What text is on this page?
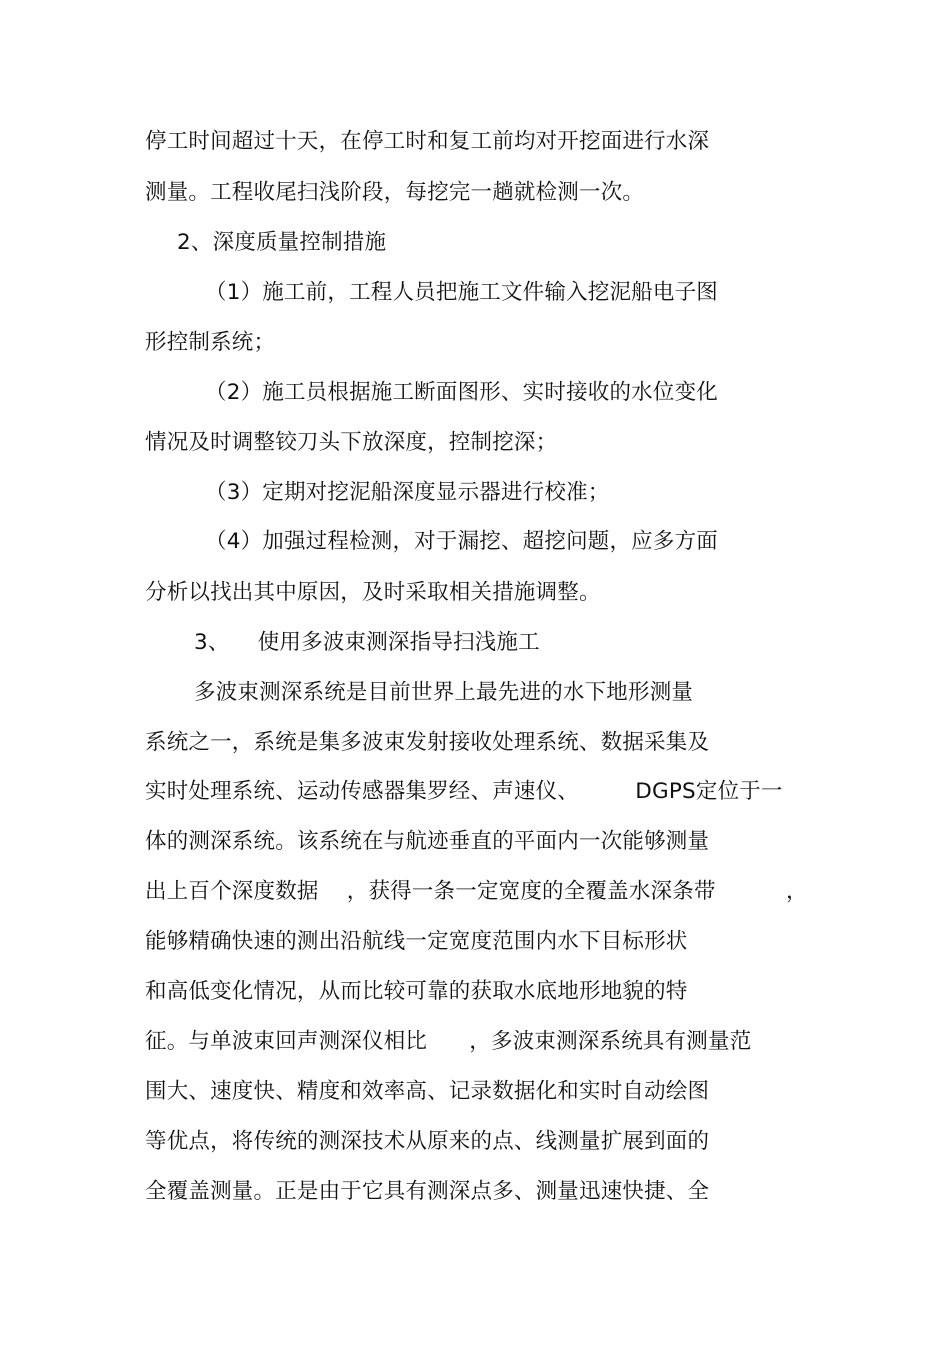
停工时间超过十天，在停工时和复工前均对开挖面进行水深
测量。工程收尾扫浅阶段，每挖完一趟就检测一次。
2、深度质量控制措施
（1）施工前，工程人员把施工文件输入挖泥船电子图
形控制系统；
（2）施工员根据施工断面图形、实时接收的水位变化
情况及时调整铰刀头下放深度，控制挖深；
（3）定期对挖泥船深度显示器进行校准；
（4）加强过程检测，对于漏挖、超挖问题，应多方面
分析以找出其中原因，及时采取相关措施调整。
3、    使用多波束测深指导扫浅施工
多波束测深系统是目前世界上最先进的水下地形测量
系统之一，系统是集多波束发射接收处理系统、数据采集及
实时处理系统、运动传感器集罗经、声速仪、        DGPS定位于一
体的测深系统。该系统在与航迹垂直的平面内一次能够测量
出上百个深度数据    ，获得一条一定宽度的全覆盖水深条带          ，
能够精确快速的测出沿航线一定宽度范围内水下目标形状
和高低变化情况，从而比较可靠的获取水底地形地貌的特
征。与单波束回声测深仪相比      ，多波束测深系统具有测量范
围大、速度快、精度和效率高、记录数据化和实时自动绘图
等优点，将传统的测深技术从原来的点、线测量扩展到面的
全覆盖测量。正是由于它具有测深点多、测量迅速快捷、全
